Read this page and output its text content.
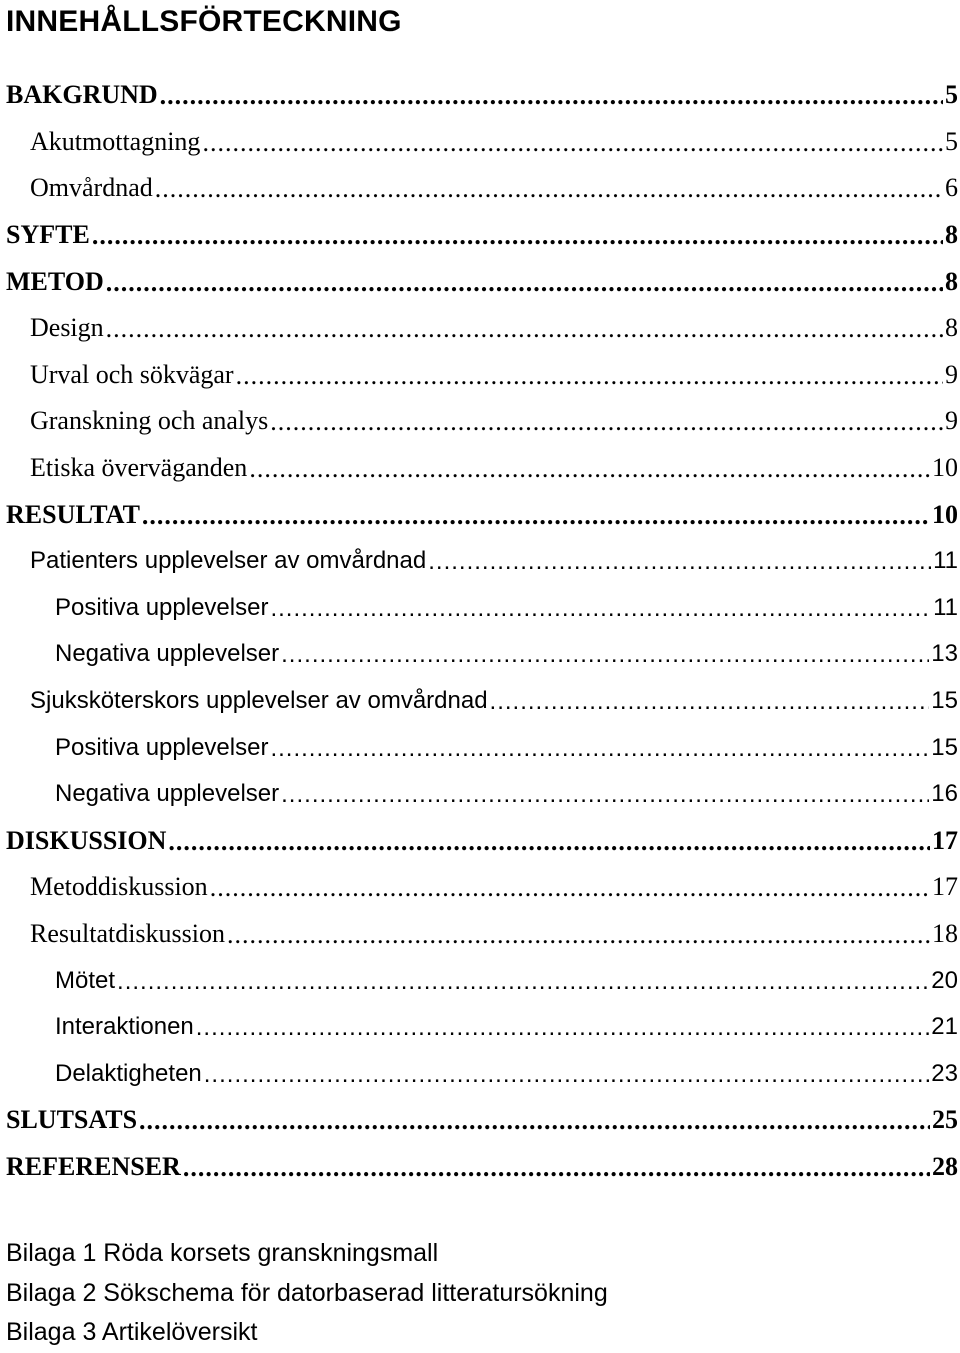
INNEHÅLLSFÖRTECKNING
BAKGRUND .....	5
Akutmottagning .....	5
Omvårdnad .....	6
SYFTE .....	8
METOD .....	8
Design .....	8
Urval och sökvägar .....	9
Granskning och analys .....	9
Etiska överväganden .....	10
RESULTAT .....	10
Patienters upplevelser av omvårdnad .....	11
Positiva upplevelser .....	11
Negativa upplevelser .....	13
Sjuksköterskors upplevelser av omvårdnad .....	15
Positiva upplevelser .....	15
Negativa upplevelser .....	16
DISKUSSION .....	17
Metoddiskussion .....	17
Resultatdiskussion .....	18
Mötet .....	20
Interaktionen .....	21
Delaktigheten .....	23
SLUTSATS .....	25
REFERENSER .....	28
Bilaga 1 Röda korsets granskningsmall
Bilaga 2 Sökschema för datorbaserad litteratursökning
Bilaga 3 Artikelöversikt
